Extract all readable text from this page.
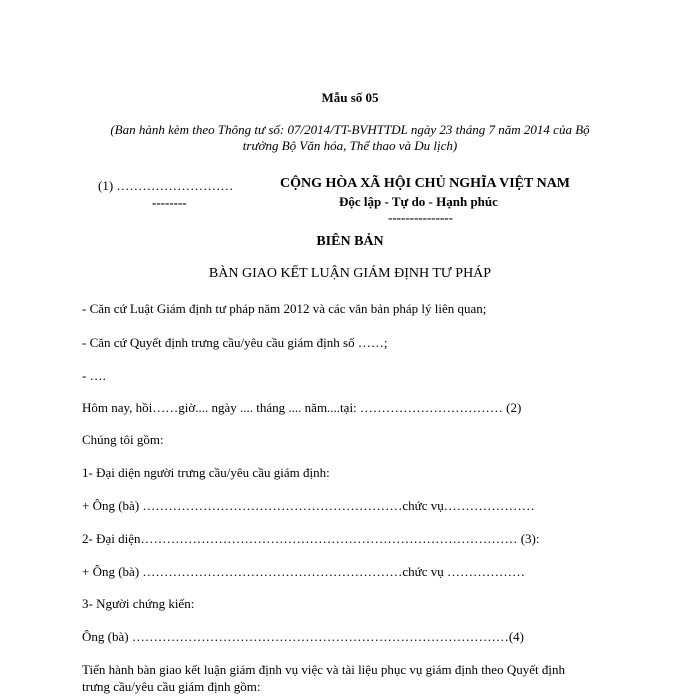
Mẫu số 05
(Ban hành kèm theo Thông tư số: 07/2014/TT-BVHTTDL ngày 23 tháng 7 năm 2014 của Bộ
trưởng Bộ Văn hóa, Thể thao và Du lịch)
(1) ………………………
--------
CỘNG HÒA XÃ HỘI CHỦ NGHĨA VIỆT NAM
Độc lập - Tự do - Hạnh phúc
---------------
BIÊN BẢN
BÀN GIAO KẾT LUẬN GIÁM ĐỊNH TƯ PHÁP
- Căn cứ Luật Giám định tư pháp năm 2012 và các văn bản pháp lý liên quan;
- Căn cứ Quyết định trưng cầu/yêu cầu giám định số ……;
- ….
Hôm nay, hồi……giờ.... ngày .... tháng .... năm....tại: …………………………… (2)
Chúng tôi gồm:
1- Đại diện người trưng cầu/yêu cầu giám định:
+ Ông (bà) ……………………………………………………chức vụ…………………
2- Đại diện…………………………………………………………………………… (3):
+ Ông (bà) ……………………………………………………chức vụ ………………
3- Người chứng kiến:
Ông (bà) ……………………………………………………………………………(4)
Tiến hành bàn giao kết luận giám định vụ việc và tài liệu phục vụ giám định theo Quyết định
trưng cầu/yêu cầu giám định gồm:
